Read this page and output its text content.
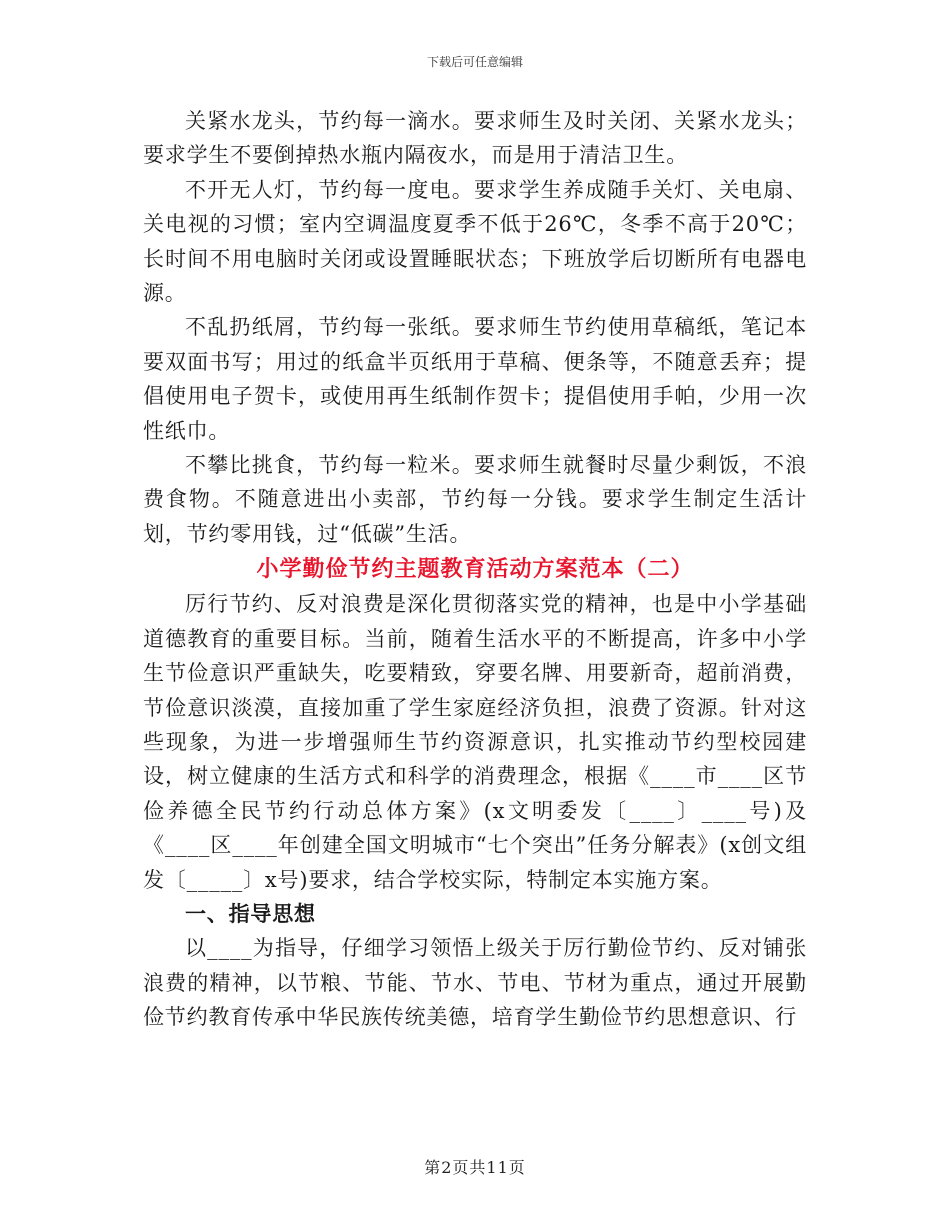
下载后可任意编辑

关紧水龙头，节约每一滴水。要求师生及时关闭、关紧水龙头；要求学生不要倒掉热水瓶内隔夜水，而是用于清洁卫生。

不开无人灯，节约每一度电。要求学生养成随手关灯、关电扇、关电视的习惯；室内空调温度夏季不低于26℃，冬季不高于20℃；长时间不用电脑时关闭或设置睡眠状态；下班放学后切断所有电器电源。

不乱扔纸屑，节约每一张纸。要求师生节约使用草稿纸，笔记本要双面书写；用过的纸盒半页纸用于草稿、便条等，不随意丢弃；提倡使用电子贺卡，或使用再生纸制作贺卡；提倡使用手帕，少用一次性纸巾。

不攀比挑食，节约每一粒米。要求师生就餐时尽量少剩饭，不浪费食物。不随意进出小卖部，节约每一分钱。要求学生制定生活计划，节约零用钱，过“低碳”生活。

小学勤俭节约主题教育活动方案范本（二）

厉行节约、反对浪费是深化贯彻落实党的精神，也是中小学基础道德教育的重要目标。当前，随着生活水平的不断提高，许多中小学生节俭意识严重缺失，吃要精致，穿要名牌、用要新奇，超前消费，节俭意识淡漠，直接加重了学生家庭经济负担，浪费了资源。针对这些现象，为进一步增强师生节约资源意识，扎实推动节约型校园建设，树立健康的生活方式和科学的消费理念，根据《____市____区节俭养德全民节约行动总体方案》(x文明委发〔____〕____号)及《____区____年创建全国文明城市“七个突出”任务分解表》(x创文组发〔_____〕x号)要求，结合学校实际，特制定本实施方案。

一、指导思想

以____为指导，仔细学习领悟上级关于厉行勤俭节约、反对铺张浪费的精神，以节粮、节能、节水、节电、节材为重点，通过开展勤俭节约教育传承中华民族传统美德，培育学生勤俭节约思想意识、行

第2页共11页
